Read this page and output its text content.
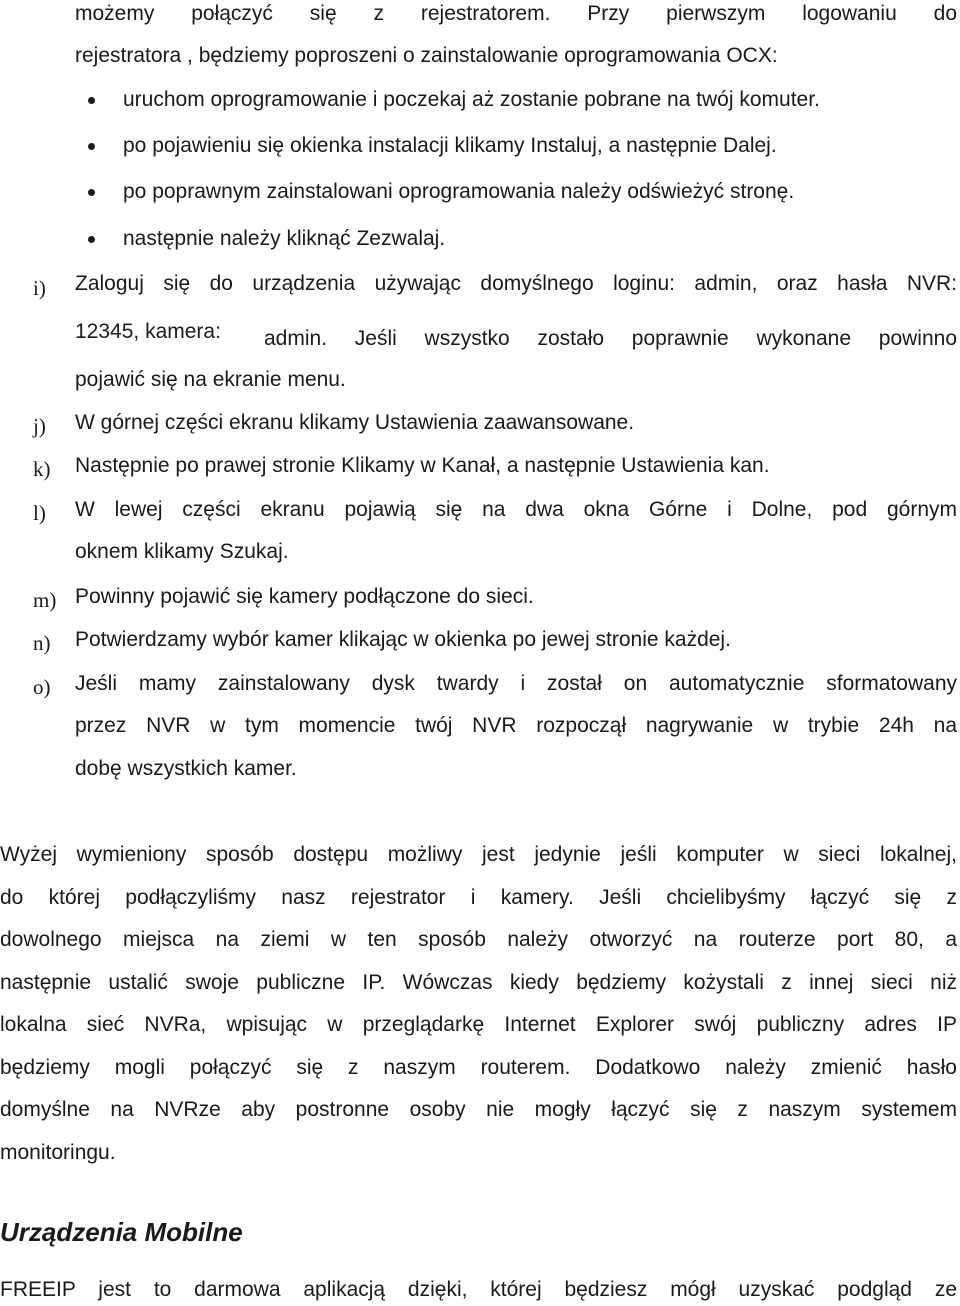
możemy połączyć się z rejestratorem. Przy pierwszym logowaniu do
rejestratora , będziemy poproszeni o zainstalowanie oprogramowania OCX:
uruchom oprogramowanie i poczekaj aż zostanie pobrane na twój komuter.
po pojawieniu się okienka instalacji klikamy Instaluj, a następnie Dalej.
po poprawnym zainstalowani oprogramowania należy odświeżyć stronę.
następnie należy kliknąć Zezwalaj.
i) Zaloguj się do urządzenia używając domyślnego loginu: admin, oraz hasła NVR:
12345, kamera: admin. Jeśli wszystko zostało poprawnie wykonane powinno
pojawić się na ekranie menu.
j) W górnej części ekranu klikamy Ustawienia zaawansowane.
k) Następnie po prawej stronie Klikamy w Kanał, a następnie Ustawienia kan.
l) W lewej części ekranu pojawią się na dwa okna Górne i Dolne, pod górnym
oknem klikamy Szukaj.
m) Powinny pojawić się kamery podłączone do sieci.
n) Potwierdzamy wybór kamer klikając w okienka po jewej stronie każdej.
o) Jeśli mamy zainstalowany dysk twardy i został on automatycznie sformatowany
przez NVR w tym momencie twój NVR rozpoczął nagrywanie w trybie 24h na
dobę wszystkich kamer.
Wyżej wymieniony sposób dostępu możliwy jest jedynie jeśli komputer w sieci lokalnej,
do której podłączyliśmy nasz rejestrator i kamery. Jeśli chcielibyśmy łączyć się z
dowolnego miejsca na ziemi w ten sposób należy otworzyć na routerze port 80, a
następnie ustalić swoje publiczne IP. Wówczas kiedy będziemy kożystali z innej sieci niż
lokalna sieć NVRa, wpisując w przeglądarkę Internet Explorer swój publiczny adres IP
będziemy mogli połączyć się z naszym routerem. Dodatkowo należy zmienić hasło
domyślne na NVRze aby postronne osoby nie mogły łączyć się z naszym systemem
monitoringu.
Urządzenia Mobilne
FREEIP jest to darmowa aplikacją dzięki, której będziesz mógł uzyskać podgląd ze
